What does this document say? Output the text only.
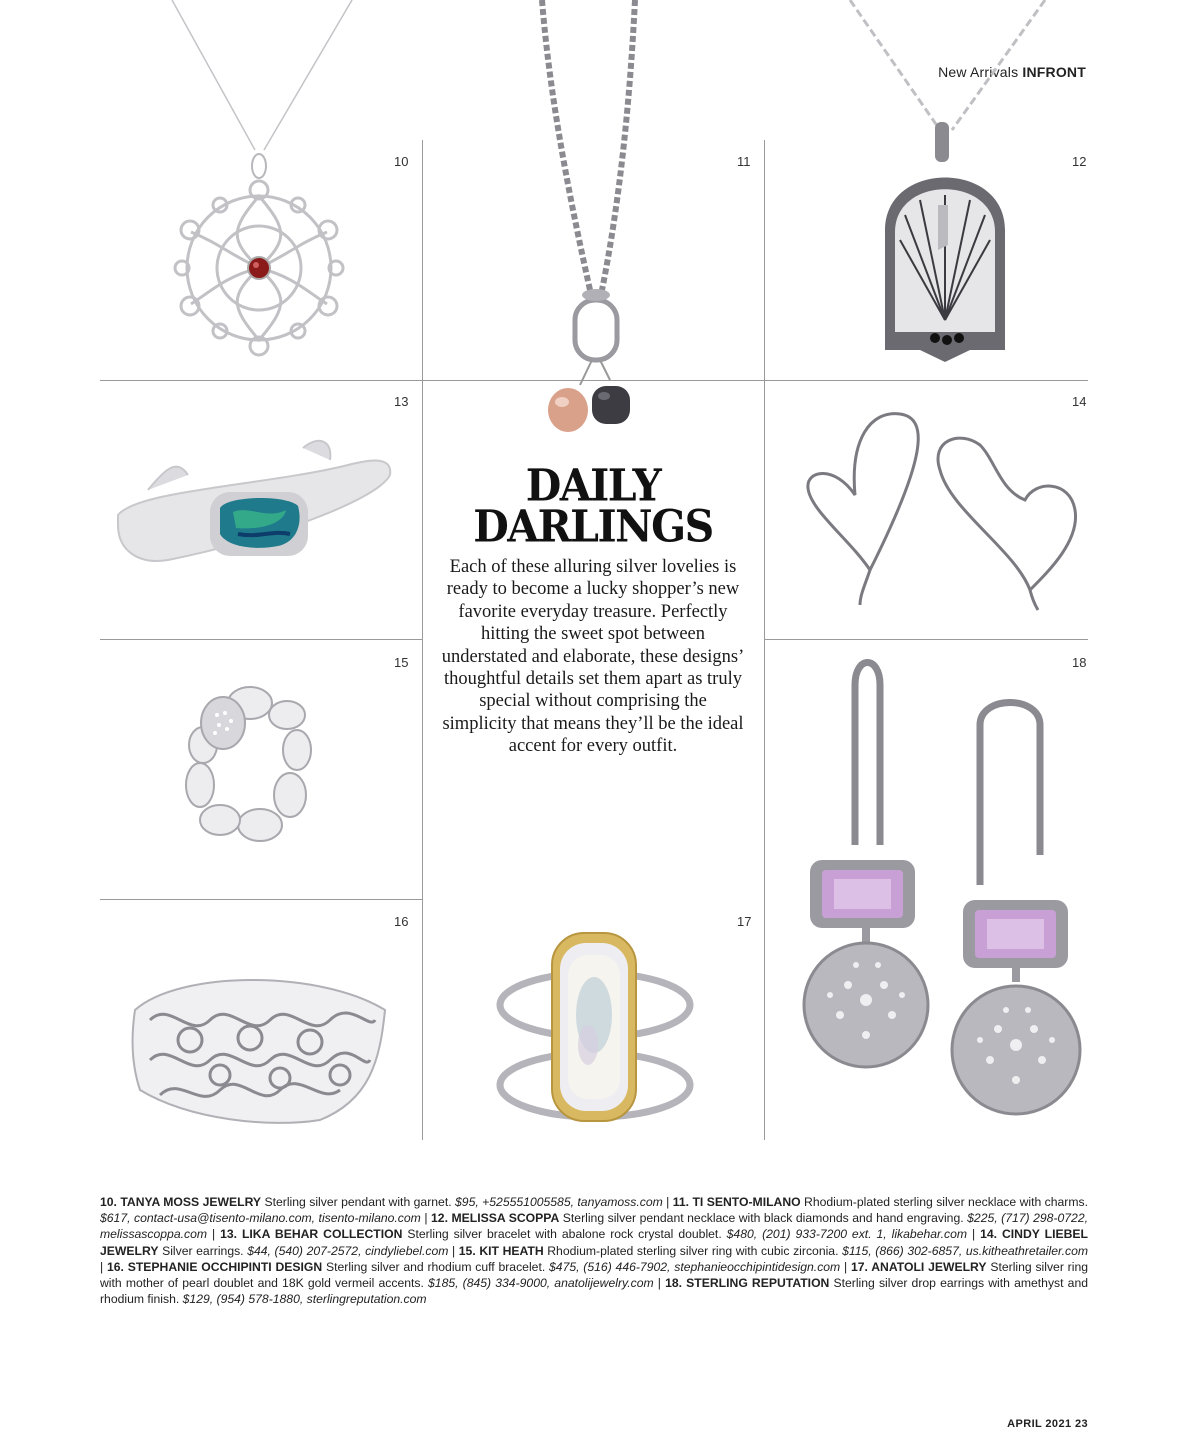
New Arrivals INFRONT
10	11	12
13	14
15	18
16	17
DAILY
DARLINGS
Each of these alluring silver lovelies is ready to become a lucky shopper’s new favorite everyday treasure. Perfectly hitting the sweet spot between understated and elaborate, these designs’ thoughtful details set them apart as truly special without comprising the simplicity that means they’ll be the ideal accent for every outfit.
10. TANYA MOSS JEWELRY Sterling silver pendant with garnet. $95, +525551005585, tanyamoss.com | 11. TI SENTO-MILANO Rhodium-plated sterling silver necklace with charms. $617, contact-usa@tisento-milano.com, tisento-milano.com | 12. MELISSA SCOPPA Sterling silver pendant necklace with black diamonds and hand engraving. $225, (717) 298-0722, melissascoppa.com | 13. LIKA BEHAR COLLECTION Sterling silver bracelet with abalone rock crystal doublet. $480, (201) 933-7200 ext. 1, likabehar.com | 14. CINDY LIEBEL JEWELRY Silver earrings. $44, (540) 207-2572, cindyliebel.com | 15. KIT HEATH Rhodium-plated sterling silver ring with cubic zirconia. $115, (866) 302-6857, us.kitheathretailer.com | 16. STEPHANIE OCCHIPINTI DESIGN Sterling silver and rhodium cuff bracelet. $475, (516) 446-7902, stephanieocchipintidesign.com | 17. ANATOLI JEWELRY Sterling silver ring with mother of pearl doublet and 18K gold vermeil accents. $185, (845) 334-9000, anatolijewelry.com | 18. STERLING REPUTATION Sterling silver drop earrings with amethyst and rhodium finish. $129, (954) 578-1880, sterlingreputation.com
APRIL 2021 23
